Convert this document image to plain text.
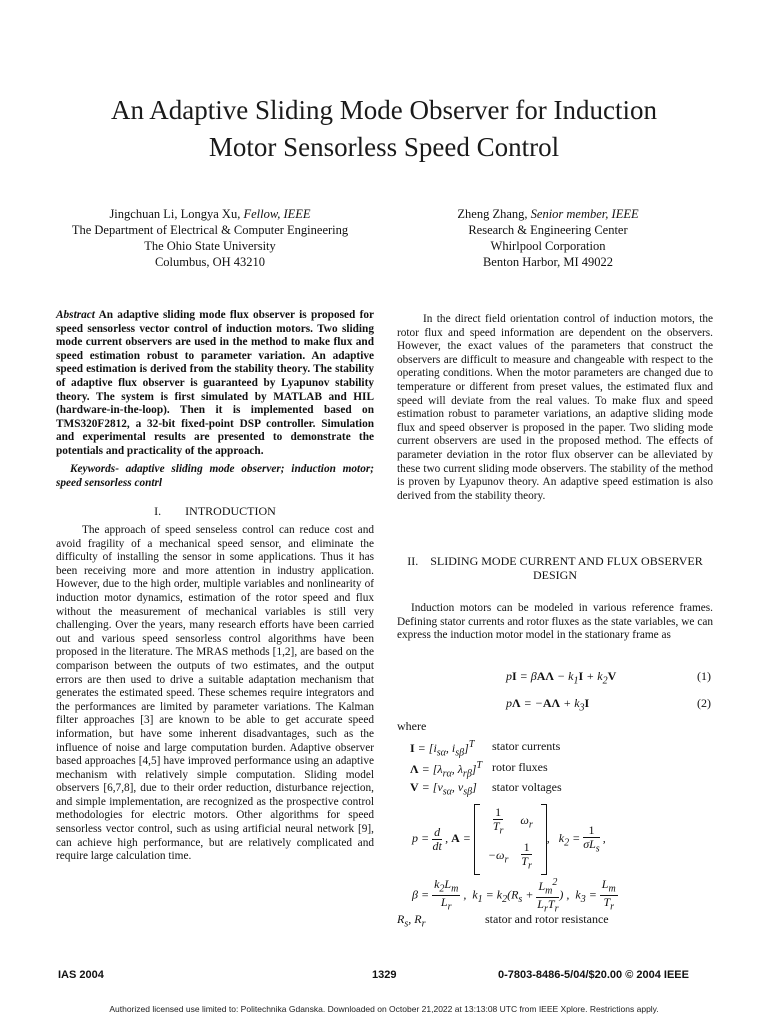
An Adaptive Sliding Mode Observer for Induction
Motor Sensorless Speed Control
Jingchuan Li, Longya Xu, Fellow, IEEE
The Department of Electrical & Computer Engineering
The Ohio State University
Columbus, OH 43210
Zheng Zhang, Senior member, IEEE
Research & Engineering Center
Whirlpool Corporation
Benton Harbor, MI 49022
Abstract An adaptive sliding mode flux observer is proposed for speed sensorless vector control of induction motors. Two sliding mode current observers are used in the method to make flux and speed estimation robust to parameter variation. An adaptive speed estimation is derived from the stability theory. The stability of adaptive flux observer is guaranteed by Lyapunov stability theory. The system is first simulated by MATLAB and HIL (hardware-in-the-loop). Then it is implemented based on TMS320F2812, a 32-bit fixed-point DSP controller. Simulation and experimental results are presented to demonstrate the potentials and practicality of the approach.
Keywords- adaptive sliding mode observer; induction motor; speed sensorless contrl
I.  INTRODUCTION
The approach of speed senseless control can reduce cost and avoid fragility of a mechanical speed sensor, and eliminate the difficulty of installing the sensor in some applications. Thus it has been receiving more and more attention in industry application. However, due to the high order, multiple variables and nonlinearity of induction motor dynamics, estimation of the rotor speed and flux without the measurement of mechanical variables is still very challenging. Over the years, many research efforts have been carried out and various speed sensorless control algorithms have been proposed in the literature. The MRAS methods [1,2], are based on the comparison between the outputs of two estimates, and the output errors are then used to drive a suitable adaptation mechanism that generates the estimated speed. These schemes require integrators and the performances are limited by parameter variations. The Kalman filter approaches [3] are known to be able to get accurate speed information, but have some inherent disadvantages, such as the influence of noise and large computation burden. Adaptive observer based approaches [4,5] have improved performance using an adaptive mechanism with relatively simple computation. Sliding model observers [6,7,8], due to their order reduction, disturbance rejection, and simple implementation, are recognized as the prospective control methodologies for electric motors. Other algorithms for speed sensorless vector control, such as using artificial neural network [9], can achieve high performance, but are relatively complicated and require large calculation time.
In the direct field orientation control of induction motors, the rotor flux and speed information are dependent on the observers. However, the exact values of the parameters that construct the observers are difficult to measure and changeable with respect to the operating conditions. When the motor parameters are changed due to temperature or different from preset values, the estimated flux and speed will deviate from the real values. To make flux and speed estimation robust to parameter variations, an adaptive sliding mode flux and speed observer is proposed in the paper. Two sliding mode current observers are used in the proposed method. The effects of parameter deviation in the rotor flux observer can be alleviated by these two current sliding mode observers. The stability of the method is proven by Lyapunov theory. An adaptive speed estimation is also derived from the stability theory.
II. SLIDING MODE CURRENT AND FLUX OBSERVER DESIGN
Induction motors can be modeled in various reference frames. Defining stator currents and rotor fluxes as the state variables, we can express the induction motor model in the stationary frame as
pI = $\beta A\Lambda - k_1I + k_2V$	(1)
$p\Lambda = -A\Lambda + k_3I$	(2)
where
$I = [i_{s\alpha}$, $i_{s\beta}]^T$ stator currents
$\Lambda = [\lambda_{r\alpha}$, $\lambda_{r\beta}]^T$ rotor fluxes
$V = [v_{s\alpha}$, $v_{s\beta}$] stator voltages
$p = \frac{d}{dt}$ , A =
$\frac{1}{T_r}$	$\omega_r$
$-\omega_r$	$\frac{1}{T_r}$
,   $k_2 = \frac{1}{\sigma L_s}$ ,
$\beta = \frac{k_2L_m}{L_r}$ ,  $k_1 = k_2(R_s + \frac{L_m^2}{L_rT_r}$ ) ,  $k_3 = \frac{L_m}{T_r}$
$R_s$, $R_r$	stator and rotor resistance
IAS 2004	1329	0-7803-8486-5/04/$20.00 © 2004 IEEE
Authorized licensed use limited to: Politechnika Gdanska. Downloaded on October 21,2022 at 13:13:08 UTC from IEEE Xplore. Restrictions apply.
